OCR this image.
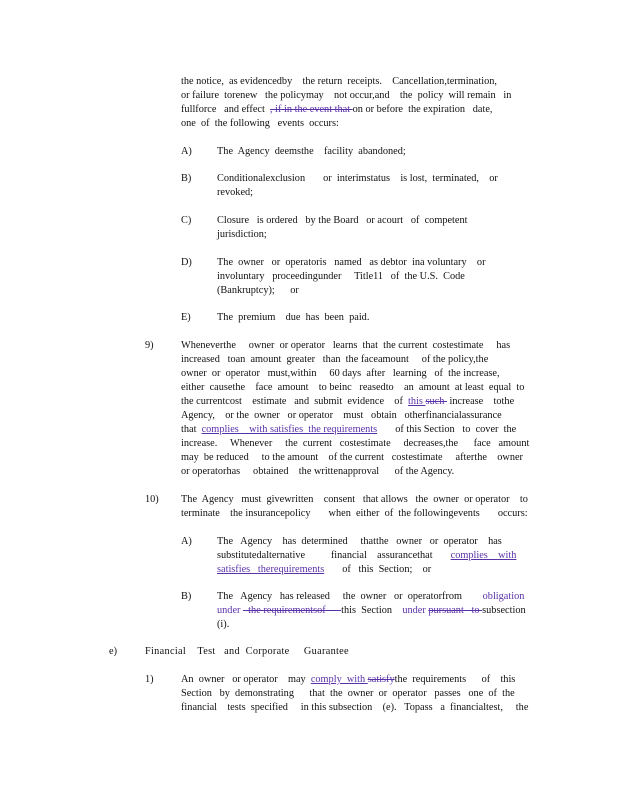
the notice,  as evidencedby    the return  receipts.    Cancellation,termination,
or failure  torenew   the policymay    not occur,and    the  policy  will remain   in
fullforce   and effect  , if in the event that on or before  the expiration   date,
one  of  the following   events  occurs:
A) The  Agency  deemsthe    facility  abandoned;
B) Conditionalexclusion       or  interimstatus    is lost,  terminated,    or
revoked;
C) Closure   is ordered   by the Board   or acourt   of  competent
jurisdiction;
D) The  owner   or  operatoris   named   as debtor  ina voluntary    or
involuntary   proceedingunder     Title11   of  the U.S.  Code
(Bankruptcy);      or
E)	The  premium    due  has  been  paid.
9)	Wheneverthe     owner  or operator   learns  that  the current  costestimate     has
increased   toan  amount  greater   than  the faceamount     of the policy,the
owner  or  operator   must,within     60 days  after   learning   of  the increase,
either  causethe    face  amount    to beinc   reasedto    an  amount  at least  equal  to
the currentcost    estimate   and  submit  evidence    of  this such  increase    tothe
Agency,    or the  owner   or operator    must   obtain   otherfinancialassurance
that  complies    with satisfies  the requirements       of this Section   to  cover  the
increase.     Whenever     the  current   costestimate     decreases,the      face   amount
may  be reduced     to the amount    of the current   costestimate     afterthe    owner
or operatorhas     obtained    the writtenapproval      of the Agency.
10) The  Agency   must  givewritten    consent   that allows   the  owner  or operator    to
terminate    the insurancepolicy       when  either  of  the followingevents       occurs:
A) The   Agency    has  determined     thatthe   owner   or  operator    has
substitutedalternative          financial    assurancethat       complies    with
satisfies   therequirements       of   this  Section;    or
B) The   Agency   has released     the  owner   or  operatorfrom        obligation
under   the requirementsof      this  Section    under pursuant   to subsection
(i).
e)	Financial    Test   and  Corporate     Guarantee
1)	An  owner   or operator    may  comply  with satisfythe  requirements      of    this
Section   by  demonstrating      that  the  owner  or  operator   passes   one  of  the
financial    tests  specified     in this subsection    (e).   Topass   a  financialtest,     the
